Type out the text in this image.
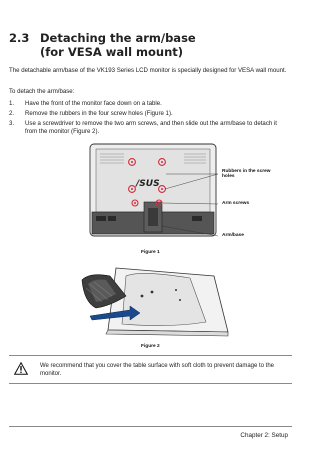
2.3 Detaching the arm/base
(for VESA wall mount)
The detachable arm/base of the VK193 Series LCD monitor is specially designed for VESA wall mount.
To detach the arm/base:
1. Have the front of the monitor face down on a table.
2. Remove the rubbers in the four screw holes (Figure 1).
3. Use a screwdriver to remove the two arm screws, and then slide out the arm/base to detach it from the monitor (Figure 2).
/SUS
Rubbers in the screw holes
Arm screws
Arm/base
Figure 1
Figure 2
We recommend that you cover the table surface with soft cloth to prevent damage to the monitor.
Chapter 2: Setup
